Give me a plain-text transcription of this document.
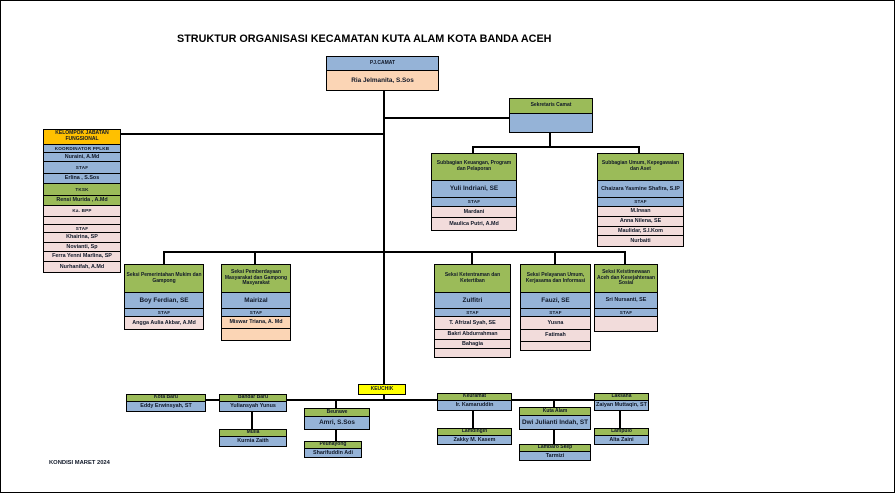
STRUKTUR ORGANISASI KECAMATAN KUTA ALAM KOTA BANDA ACEH
KONDISI MARET 2024
PJ.CAMAT
Ria Jelmanita, S.Sos
Sekretaris Camat
KELOMPOK JABATAN FUNGSIONAL
KOORDINATOR PPLKB
Nuraini, A.Md
STAF
Erlina , S.Sos
TKSK
Rensi Murida , A.Md
Ka. BPP
STAF
Khairina, SP
Novianti, Sp
Ferra Yenni Marlina, SP
Nurhanifah, A.Md
Subbagian Keuangan, Program dan Pelaporan
Yuli Indriani, SE
STAF
Mardani
Maulica Putri, A.Md
Subbagian Umum, Kepegawaian dan Aset
Chaizara Yasmine Shafira, S.IP
STAF
M.Irwan
Anna Nilena, SE
Maulidar, S.I.Kom
Nurbaiti
Seksi Pemerintahan Mukim dan Gampong
Boy Ferdian, SE
STAF
Angga Aulia Akbar, A.Md
Seksi Pemberdayaan Masyarakat dan Gampong Masyarakat
Mairizal
STAF
Miswar Triana, A. Md
Seksi Ketentraman dan Ketertiban
Zulfitri
STAF
T. Afrizal Syah, SE
Bakri Abdurrahman
Bahagia
Seksi Pelayanan Umum, Kerjasama dan Informasi
Fauzi, SE
STAF
Yusna
Fatimah
Seksi Keistimewaan Aceh dan Kesejahteraan Sosial
Sri Nursanti, SE
STAF
KEUCHIK
Kota Baru
Eddy Erwinsyah, ST
Bandar Baru
Yuliansyah Yunus
Mulia
Kurnia Zaith
Beurawe
Amri, S.Sos
Peunayong
Sharifuddin Adi
Keuramat
Ir. Kamaruddin
Lamdingin
Zakky M. Kasem
Kuta Alam
Dwi Julianti Indah, ST
Lambaro Skep
Tarmizi
Laksana
Zaiyan Muttaqin, ST
Lampulo
Alta Zaini
